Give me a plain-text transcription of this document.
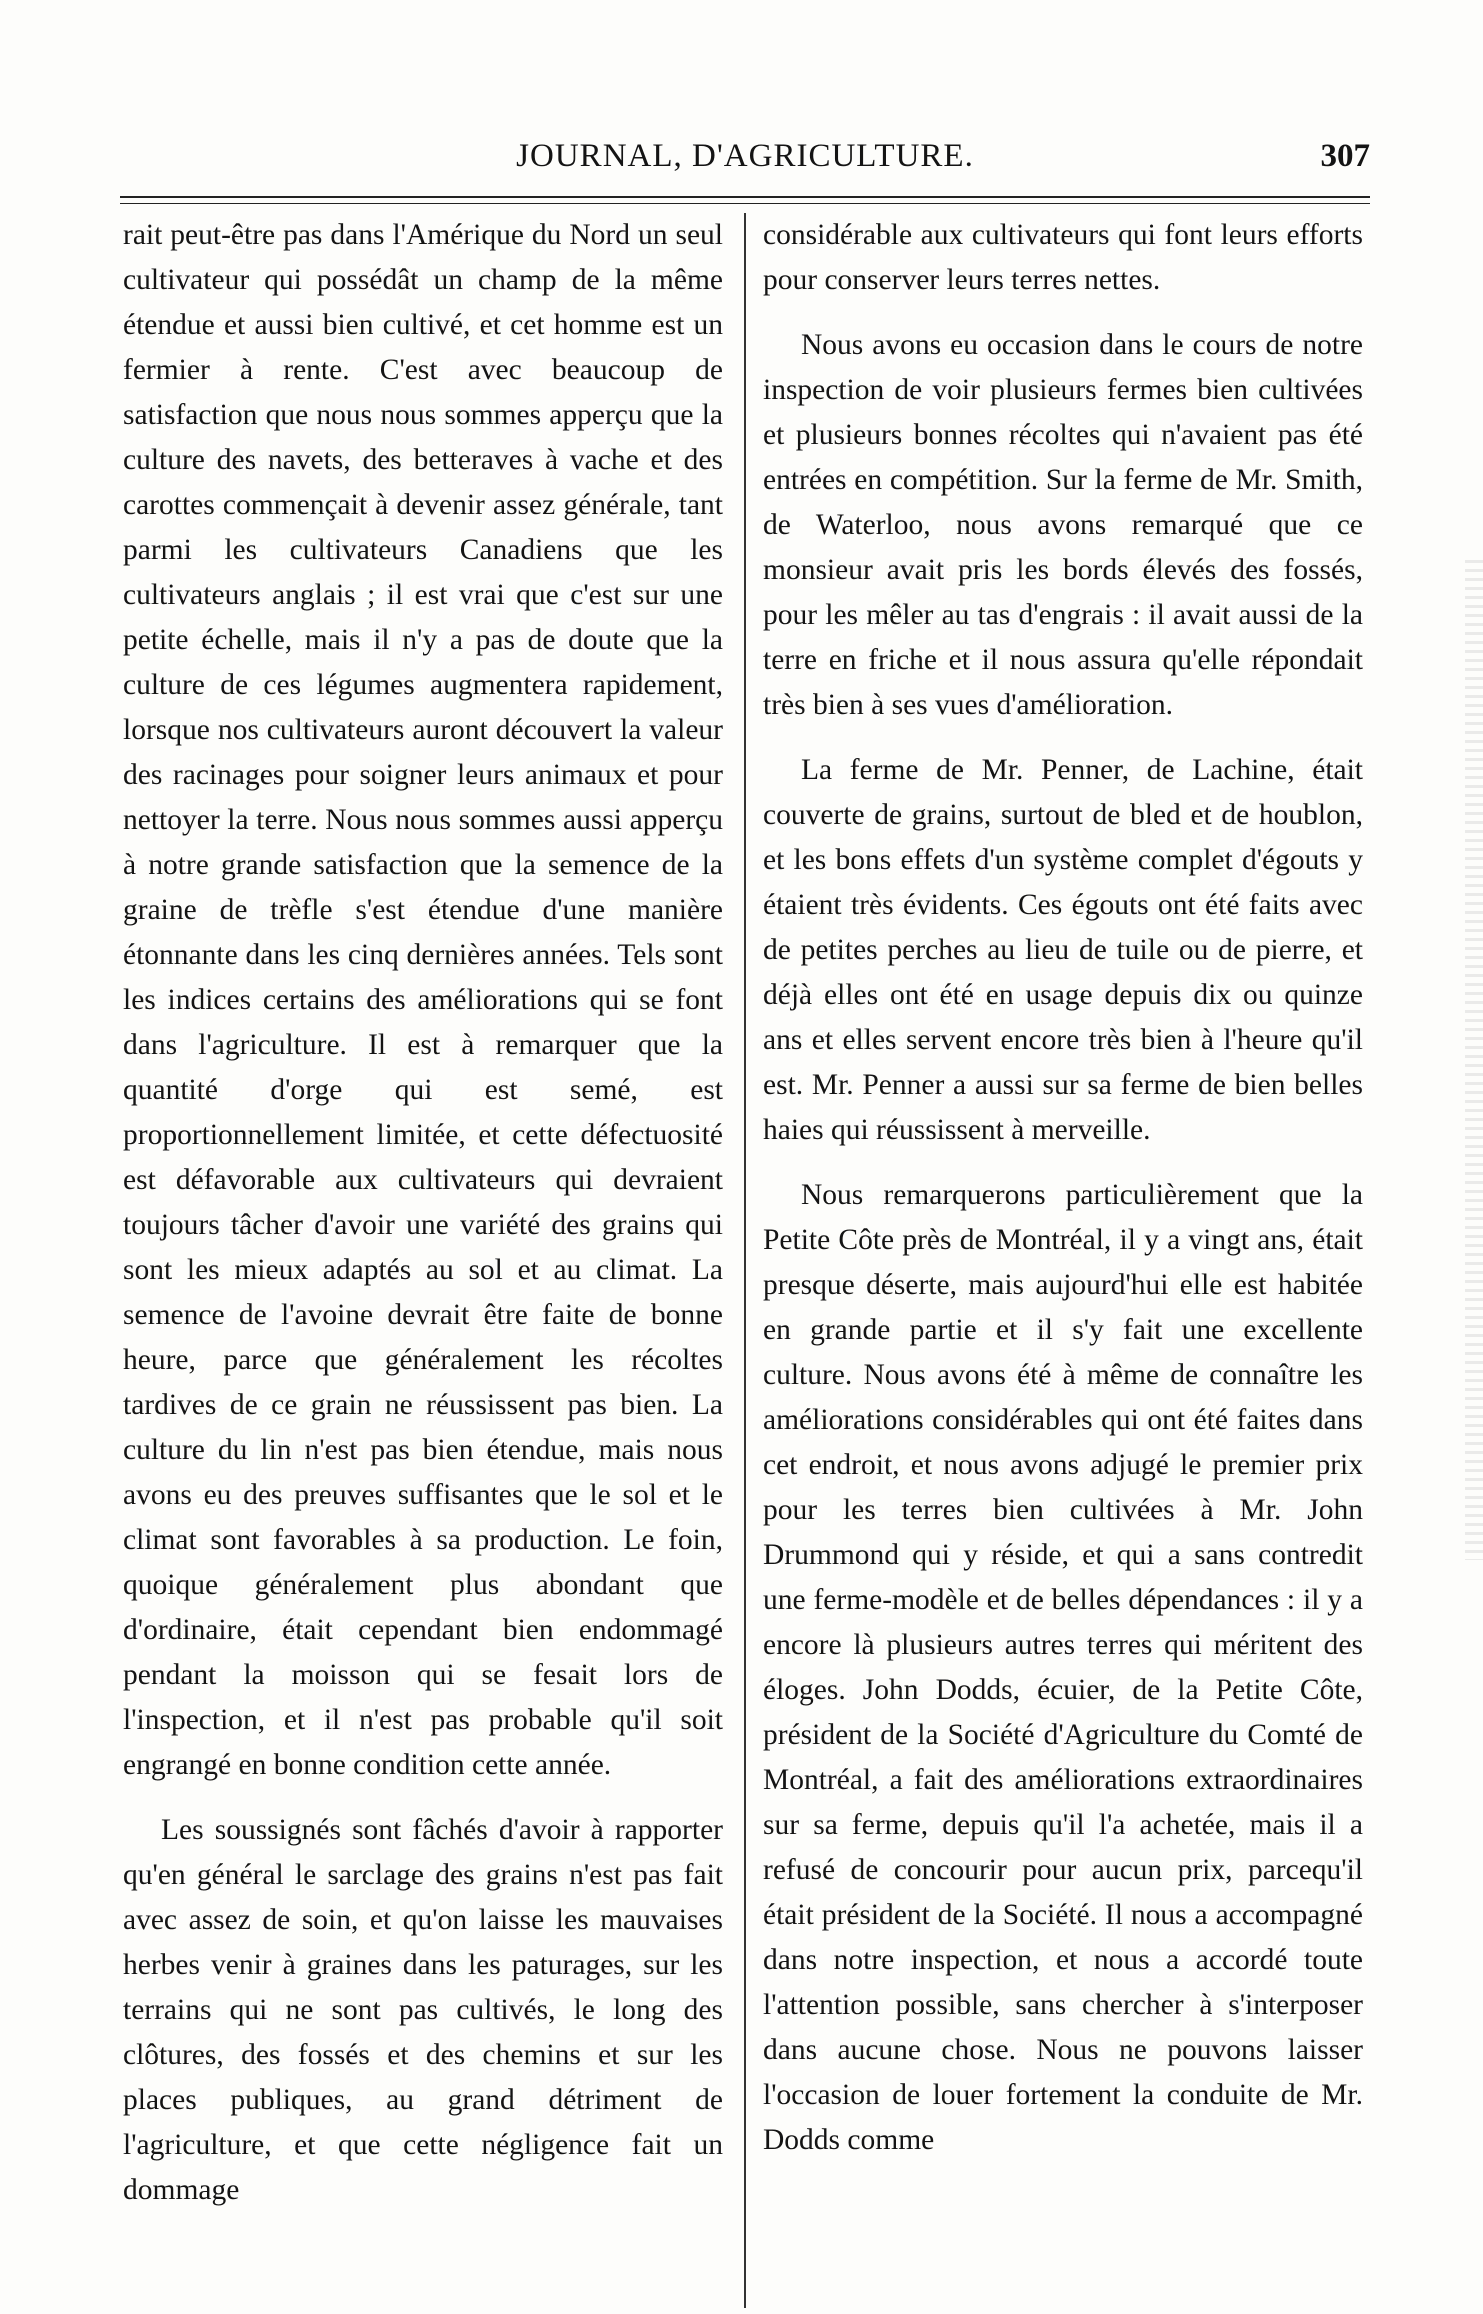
JOURNAL, D'AGRICULTURE.	307

rait peut-être pas dans l'Amérique du Nord un seul cultivateur qui possédât un champ de la même étendue et aussi bien cultivé, et cet homme est un fermier à rente. C'est avec beaucoup de satisfaction que nous nous sommes apperçu que la culture des navets, des betteraves à vache et des carottes commençait à devenir assez générale, tant parmi les cultivateurs Canadiens que les cultivateurs anglais ; il est vrai que c'est sur une petite échelle, mais il n'y a pas de doute que la culture de ces légumes augmentera rapidement, lorsque nos cultivateurs auront découvert la valeur des racinages pour soigner leurs animaux et pour nettoyer la terre. Nous nous sommes aussi apperçu à notre grande satisfaction que la semence de la graine de trèfle s'est étendue d'une manière étonnante dans les cinq dernières années. Tels sont les indices certains des améliorations qui se font dans l'agriculture. Il est à remarquer que la quantité d'orge qui est semé, est proportionnellement limitée, et cette défectuosité est défavorable aux cultivateurs qui devraient toujours tâcher d'avoir une variété des grains qui sont les mieux adaptés au sol et au climat. La semence de l'avoine devrait être faite de bonne heure, parce que généralement les récoltes tardives de ce grain ne réussissent pas bien. La culture du lin n'est pas bien étendue, mais nous avons eu des preuves suffisantes que le sol et le climat sont favorables à sa production. Le foin, quoique généralement plus abondant que d'ordinaire, était cependant bien endommagé pendant la moisson qui se fesait lors de l'inspection, et il n'est pas probable qu'il soit engrangé en bonne condition cette année.

Les soussignés sont fâchés d'avoir à rapporter qu'en général le sarclage des grains n'est pas fait avec assez de soin, et qu'on laisse les mauvaises herbes venir à graines dans les paturages, sur les terrains qui ne sont pas cultivés, le long des clôtures, des fossés et des chemins et sur les places publiques, au grand détriment de l'agriculture, et que cette négligence fait un dommage

considérable aux cultivateurs qui font leurs efforts pour conserver leurs terres nettes.

Nous avons eu occasion dans le cours de notre inspection de voir plusieurs fermes bien cultivées et plusieurs bonnes récoltes qui n'avaient pas été entrées en compétition. Sur la ferme de Mr. Smith, de Waterloo, nous avons remarqué que ce monsieur avait pris les bords élevés des fossés, pour les mêler au tas d'engrais : il avait aussi de la terre en friche et il nous assura qu'elle répondait très bien à ses vues d'amélioration.

La ferme de Mr. Penner, de Lachine, était couverte de grains, surtout de bled et de houblon, et les bons effets d'un système complet d'égouts y étaient très évidents. Ces égouts ont été faits avec de petites perches au lieu de tuile ou de pierre, et déjà elles ont été en usage depuis dix ou quinze ans et elles servent encore très bien à l'heure qu'il est. Mr. Penner a aussi sur sa ferme de bien belles haies qui réussissent à merveille.

Nous remarquerons particulièrement que la Petite Côte près de Montréal, il y a vingt ans, était presque déserte, mais aujourd'hui elle est habitée en grande partie et il s'y fait une excellente culture. Nous avons été à même de connaître les améliorations considérables qui ont été faites dans cet endroit, et nous avons adjugé le premier prix pour les terres bien cultivées à Mr. John Drummond qui y réside, et qui a sans contredit une ferme-modèle et de belles dépendances : il y a encore là plusieurs autres terres qui méritent des éloges. John Dodds, écuier, de la Petite Côte, président de la Société d'Agriculture du Comté de Montréal, a fait des améliorations extraordinaires sur sa ferme, depuis qu'il l'a achetée, mais il a refusé de concourir pour aucun prix, parcequ'il était président de la Société. Il nous a accompagné dans notre inspection, et nous a accordé toute l'attention possible, sans chercher à s'interposer dans aucune chose. Nous ne pouvons laisser l'occasion de louer fortement la conduite de Mr. Dodds comme
